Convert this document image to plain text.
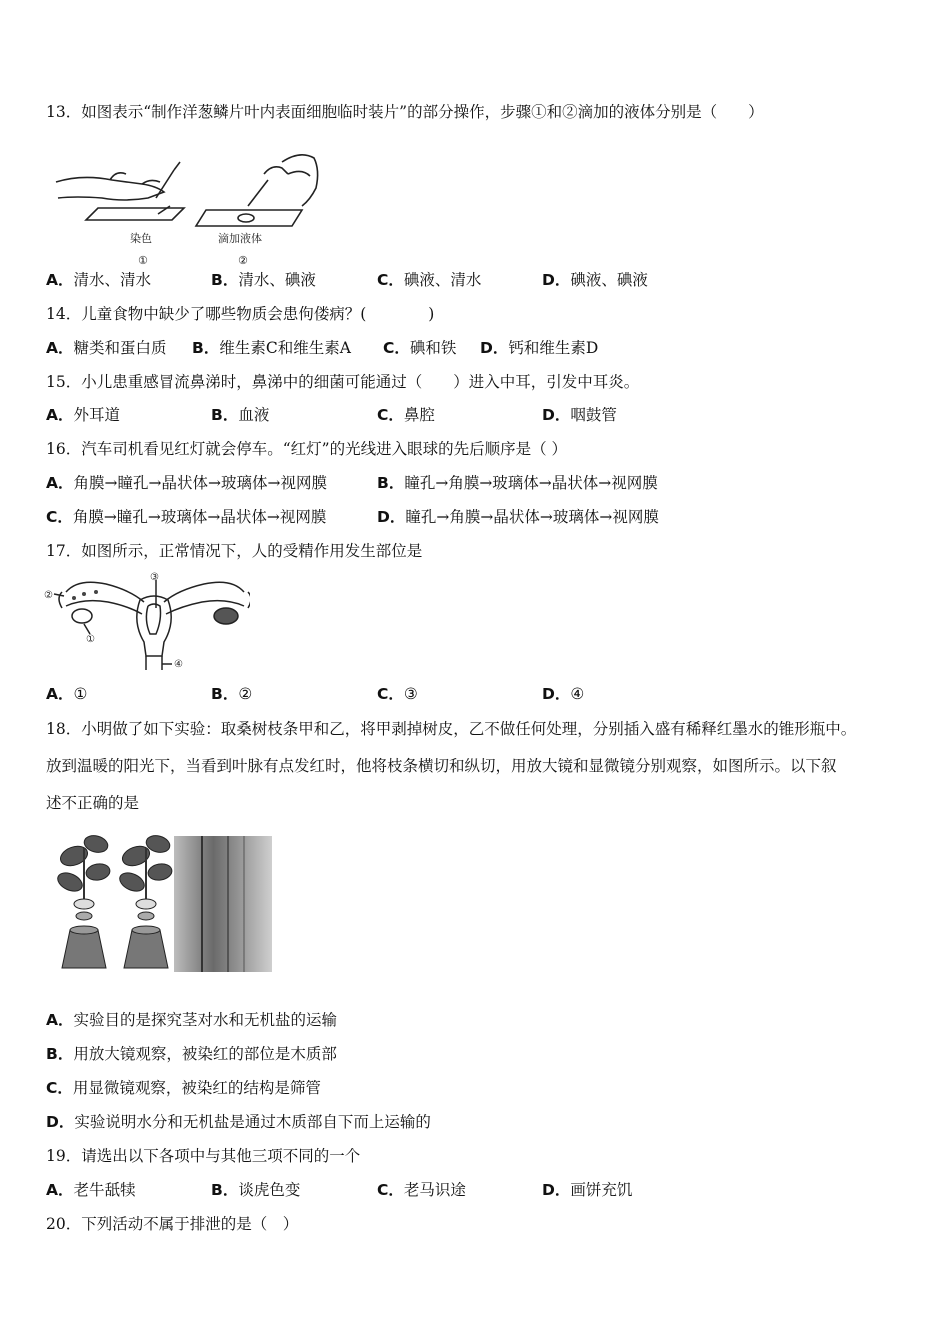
13．如图表示“制作洋葱鳞片叶内表面细胞临时装片”的部分操作，步骤①和②滴加的液体分别是（　　）
染色	滴加液体
①	②
A．清水、清水	B．清水、碘液	C．碘液、清水	D．碘液、碘液
14．儿童食物中缺少了哪些物质会患佝偻病？(　　　　)
A．糖类和蛋白质 B．维生素C和维生素A C．碘和铁 D．钙和维生素D
15．小儿患重感冒流鼻涕时，鼻涕中的细菌可能通过（　　）进入中耳，引发中耳炎。
A．外耳道	B．血液	C．鼻腔	D．咽鼓管
16．汽车司机看见红灯就会停车。“红灯”的光线进入眼球的先后顺序是（ ）
A．角膜→瞳孔→晶状体→玻璃体→视网膜	B．瞳孔→角膜→玻璃体→晶状体→视网膜
C．角膜→瞳孔→玻璃体→晶状体→视网膜	D．瞳孔→角膜→晶状体→玻璃体→视网膜
17．如图所示，正常情况下，人的受精作用发生部位是
③
②
①
④
A．①	B．②	C．③	D．④
18．小明做了如下实验：取桑树枝条甲和乙，将甲剥掉树皮，乙不做任何处理，分别插入盛有稀释红墨水的锥形瓶中。
放到温暖的阳光下，当看到叶脉有点发红时，他将枝条横切和纵切，用放大镜和显微镜分别观察，如图所示。以下叙
述不正确的是
A．实验目的是探究茎对水和无机盐的运输
B．用放大镜观察，被染红的部位是木质部
C．用显微镜观察，被染红的结构是筛管
D．实验说明水分和无机盐是通过木质部自下而上运输的
19．请选出以下各项中与其他三项不同的一个
A．老牛舐犊	B．谈虎色变	C．老马识途	D．画饼充饥
20．下列活动不属于排泄的是（　）
